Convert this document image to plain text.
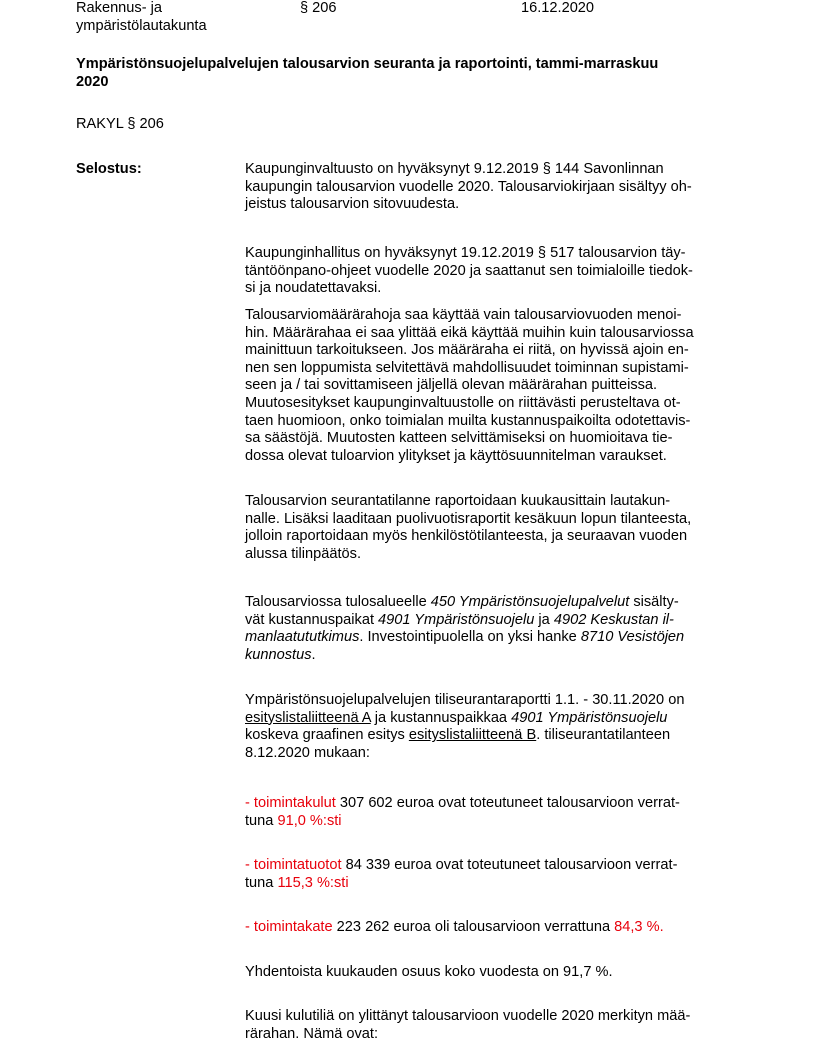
Rakennus- ja
ympäristölautakunta
§ 206	16.12.2020
Ympäristönsuojelupalvelujen talousarvion seuranta ja raportointi, tammi-marraskuu
2020
RAKYL § 206
Selostus:	Kaupunginvaltuusto on hyväksynyt 9.12.2019 § 144 Savonlinnan
kaupungin talousarvion vuodelle 2020. Talousarviokirjaan sisältyy oh-
jeistus talousarvion sitovuudesta.
Kaupunginhallitus on hyväksynyt 19.12.2019 § 517 talousarvion täy-
täntöönpano-ohjeet vuodelle 2020 ja saattanut sen toimialoille tiedok-
si ja noudatettavaksi.
Talousarviomäärärahoja saa käyttää vain talousarviovuoden menoi-
hin. Määrärahaa ei saa ylittää eikä käyttää muihin kuin talousarviossa
mainittuun tarkoitukseen. Jos määräraha ei riitä, on hyvissä ajoin en-
nen sen loppumista selvitettävä mahdollisuudet toiminnan supistami-
seen ja / tai sovittamiseen jäljellä olevan määrärahan puitteissa.
Muutosesitykset kaupunginvaltuustolle on riittävästi perusteltava ot-
taen huomioon, onko toimialan muilta kustannuspaikoilta odotettavis-
sa säästöjä. Muutosten katteen selvittämiseksi on huomioitava tie-
dossa olevat tuloarvion ylitykset ja käyttösuunnitelman varaukset.
Talousarvion seurantatilanne raportoidaan kuukausittain lautakun-
nalle. Lisäksi laaditaan puolivuotisraportit kesäkuun lopun tilanteesta,
jolloin raportoidaan myös henkilöstötilanteesta, ja seuraavan vuoden
alussa tilinpäätös.
Talousarviossa tulosalueelle 450 Ympäristönsuojelupalvelut sisälty-
vät kustannuspaikat 4901 Ympäristönsuojelu ja 4902 Keskustan il-
manlaatututkimus. Investointipuolella on yksi hanke 8710 Vesistöjen
kunnostus.
Ympäristönsuojelupalvelujen tiliseurantaraportti 1.1. - 30.11.2020 on
esityslistaliitteenä A ja kustannuspaikkaa 4901 Ympäristönsuojelu
koskeva graafinen esitys esityslistaliitteenä B. tiliseurantatilanteen
8.12.2020 mukaan:
- toimintakulut 307 602 euroa ovat toteutuneet talousarvioon verrat-
tuna 91,0 %:sti
- toimintatuotot 84 339 euroa ovat toteutuneet talousarvioon verrat-
tuna 115,3 %:sti
- toimintakate 223 262 euroa oli talousarvioon verrattuna 84,3 %.
Yhdentoista kuukauden osuus koko vuodesta on 91,7 %.
Kuusi kulutiliä on ylittänyt talousarvioon vuodelle 2020 merkityn mää-
rärahan. Nämä ovat:
